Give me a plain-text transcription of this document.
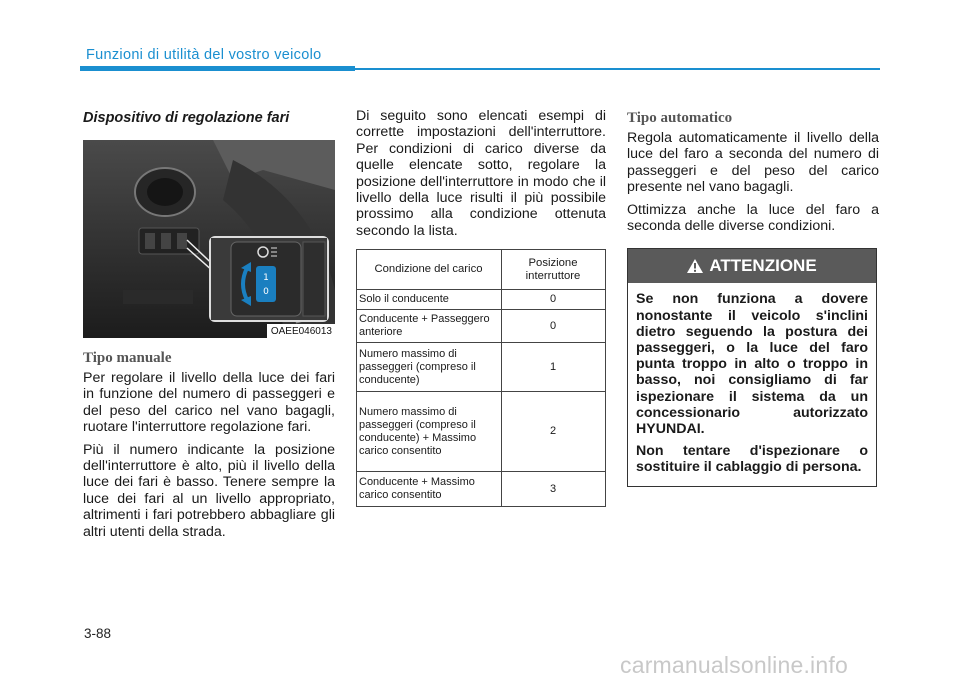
Funzioni di utilità del vostro veicolo
Dispositivo di regolazione fari
1
0
OAEE046013
Tipo manuale

Per regolare il livello della luce dei fari in funzione del numero di passeggeri e del peso del carico nel vano bagagli, ruotare l'interruttore regolazione fari.

Più il numero indicante la posizione dell'interruttore è alto, più il livello della luce dei fari è basso. Tenere sempre la luce dei fari al un livello appropriato, altrimenti i fari potrebbero abbagliare gli altri utenti della strada.

Di seguito sono elencati esempi di corrette impostazioni dell'interruttore. Per condizioni di carico diverse da quelle elencate sotto, regolare la posizione dell'interruttore in modo che il livello della luce risulti il più possibile prossimo alla condizione ottenuta secondo la lista.

Condizione del carico	Posizione interruttore
Solo il conducente	0
Conducente + Passeggero anteriore	0
Numero massimo di passeggeri (compreso il conducente)	1
Numero massimo di passeggeri (compreso il conducente) + Massimo carico consentito	2
Conducente + Massimo carico consentito	3
Tipo automatico

Regola automaticamente il livello della luce del faro a seconda del numero di passeggeri e del peso del carico presente nel vano bagagli.

Ottimizza anche la luce del faro a seconda delle diverse condizioni.

ATTENZIONE

Se non funziona a dovere nonostante il veicolo s'inclini dietro seguendo la postura dei passeggeri, o la luce del faro punta troppo in alto o troppo in basso, noi consigliamo di far ispezionare il sistema da un concessionario autorizzato HYUNDAI.

Non tentare d'ispezionare o sostituire il cablaggio di persona.

3-88
carmanualsonline.info
